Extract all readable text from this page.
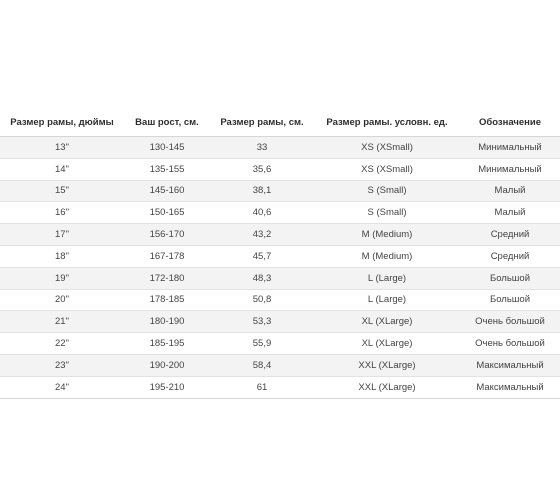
Размер рамы, дюймы	Ваш рост, см.	Размер рамы, см.	Размер рамы. условн. ед.	Обозначение
13"	130-145	33	XS (XSmall)	Минимальный
14"	135-155	35,6	XS (XSmall)	Минимальный
15"	145-160	38,1	S (Small)	Малый
16"	150-165	40,6	S (Small)	Малый
17"	156-170	43,2	M (Medium)	Средний
18"	167-178	45,7	M (Medium)	Средний
19"	172-180	48,3	L (Large)	Большой
20"	178-185	50,8	L (Large)	Большой
21"	180-190	53,3	XL (XLarge)	Очень большой
22"	185-195	55,9	XL (XLarge)	Очень большой
23"	190-200	58,4	XXL (XLarge)	Максимальный
24"	195-210	61	XXL (XLarge)	Максимальный
